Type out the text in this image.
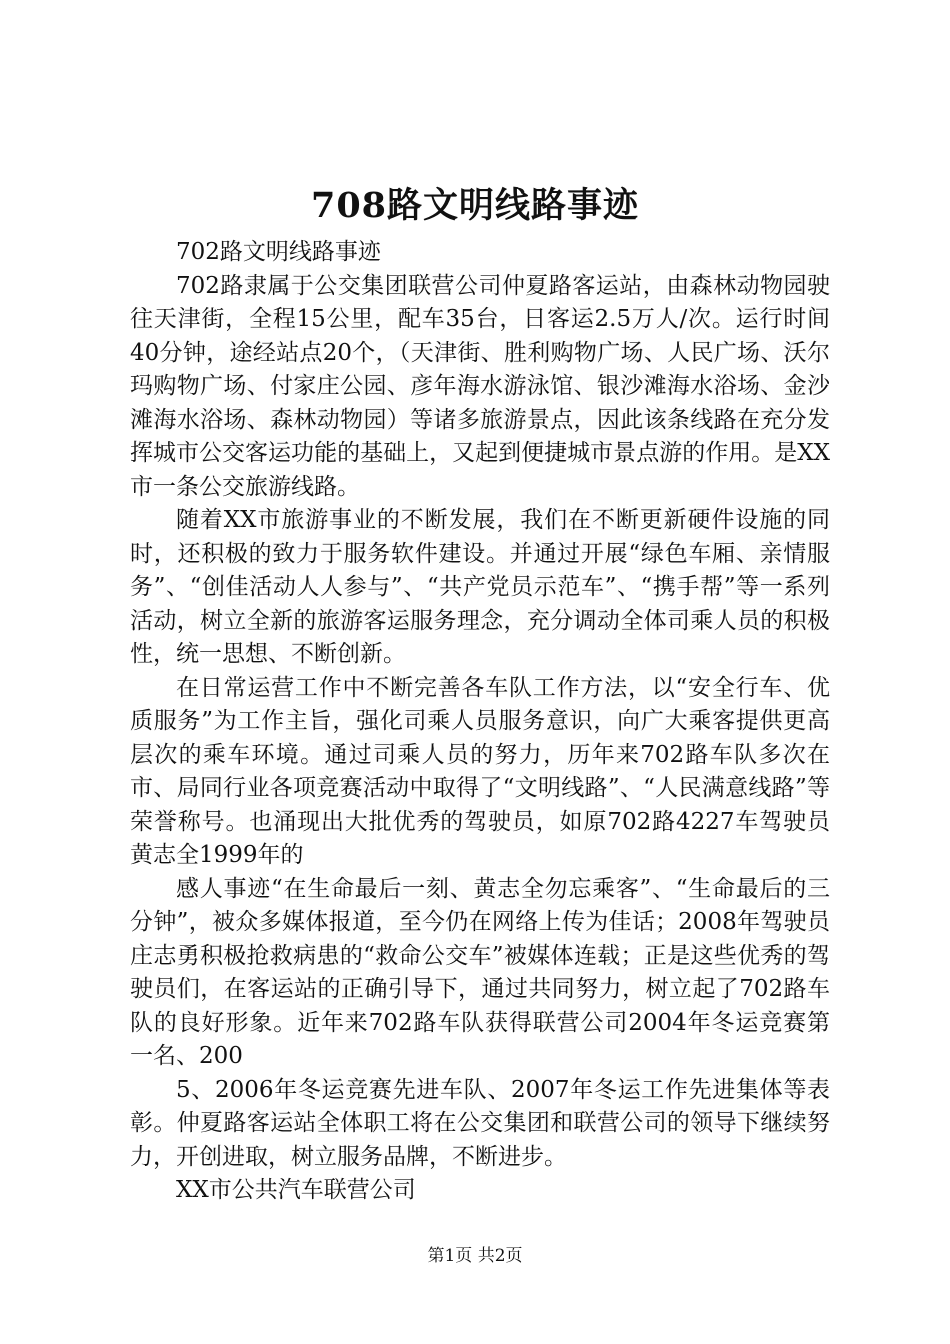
708路文明线路事迹

702路文明线路事迹

702路隶属于公交集团联营公司仲夏路客运站，由森林动物园驶往天津街，全程15公里，配车35台，日客运2.5万人/次。运行时间40分钟，途经站点20个，（天津街、胜利购物广场、人民广场、沃尔玛购物广场、付家庄公园、彦年海水游泳馆、银沙滩海水浴场、金沙滩海水浴场、森林动物园）等诸多旅游景点，因此该条线路在充分发挥城市公交客运功能的基础上，又起到便捷城市景点游的作用。是XX市一条公交旅游线路。

随着XX市旅游事业的不断发展，我们在不断更新硬件设施的同时，还积极的致力于服务软件建设。并通过开展“绿色车厢、亲情服务”、“创佳活动人人参与”、“共产党员示范车”、“携手帮”等一系列活动，树立全新的旅游客运服务理念，充分调动全体司乘人员的积极性，统一思想、不断创新。

在日常运营工作中不断完善各车队工作方法，以“安全行车、优质服务”为工作主旨，强化司乘人员服务意识，向广大乘客提供更高层次的乘车环境。通过司乘人员的努力，历年来702路车队多次在市、局同行业各项竞赛活动中取得了“文明线路”、“人民满意线路”等荣誉称号。也涌现出大批优秀的驾驶员，如原702路4227车驾驶员黄志全1999年的

感人事迹“在生命最后一刻、黄志全勿忘乘客”、“生命最后的三分钟”，被众多媒体报道，至今仍在网络上传为佳话；2008年驾驶员庄志勇积极抢救病患的“救命公交车”被媒体连载；正是这些优秀的驾驶员们，在客运站的正确引导下，通过共同努力，树立起了702路车队的良好形象。近年来702路车队获得联营公司2004年冬运竞赛第一名、200

5、2006年冬运竞赛先进车队、2007年冬运工作先进集体等表彰。仲夏路客运站全体职工将在公交集团和联营公司的领导下继续努力，开创进取，树立服务品牌，不断进步。

XX市公共汽车联营公司

第1页 共2页
